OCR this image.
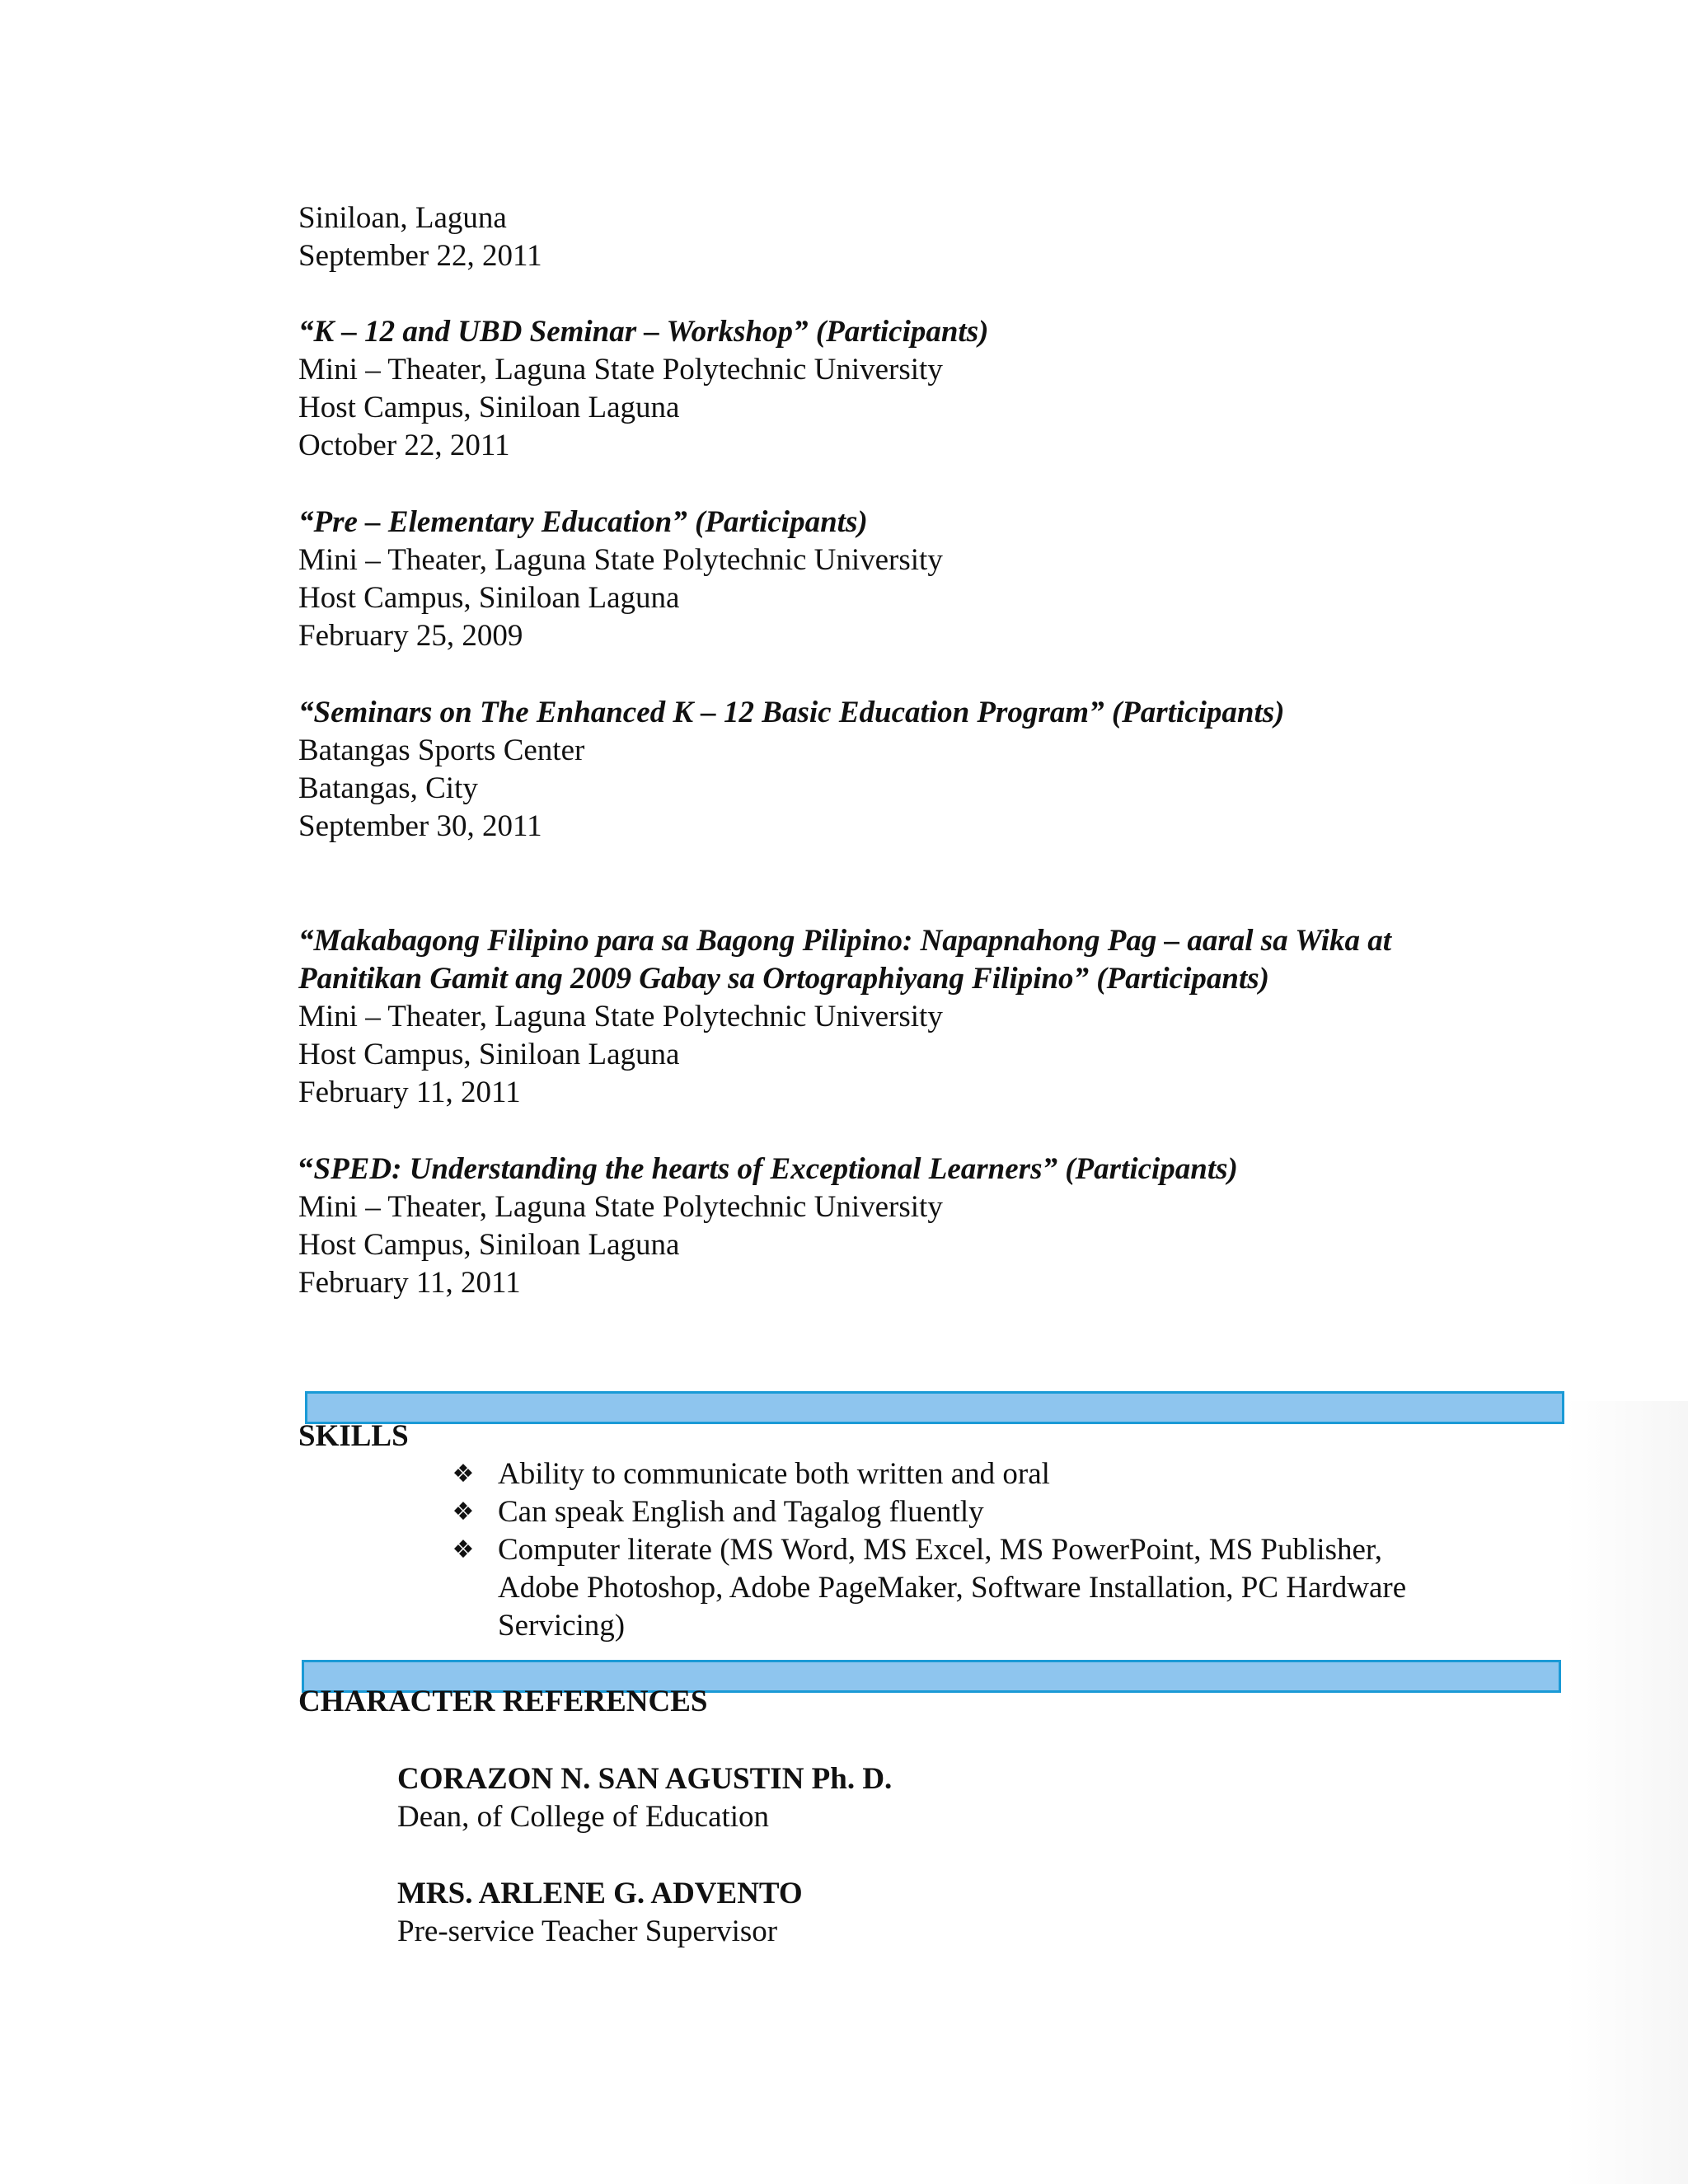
Siniloan, Laguna
September 22, 2011
“K – 12 and UBD Seminar – Workshop” (Participants)
Mini – Theater, Laguna State Polytechnic University
Host Campus, Siniloan Laguna
October 22, 2011
“Pre – Elementary Education” (Participants)
Mini – Theater, Laguna State Polytechnic University
Host Campus, Siniloan Laguna
February 25, 2009
“Seminars on The Enhanced K – 12 Basic Education Program” (Participants)
Batangas Sports Center
Batangas, City
September 30, 2011
“Makabagong Filipino para sa Bagong Pilipino: Napapnahong Pag – aaral sa Wika at
Panitikan Gamit ang 2009 Gabay sa Ortographiyang Filipino” (Participants)
Mini – Theater, Laguna State Polytechnic University
Host Campus, Siniloan Laguna
February 11, 2011
“SPED: Understanding the hearts of Exceptional Learners” (Participants)
Mini – Theater, Laguna State Polytechnic University
Host Campus, Siniloan Laguna
February 11, 2011
SKILLS
❖ Ability to communicate both written and oral
❖ Can speak English and Tagalog fluently
❖ Computer literate (MS Word, MS Excel, MS PowerPoint, MS Publisher,
Adobe Photoshop, Adobe PageMaker, Software Installation, PC Hardware
Servicing)
CHARACTER REFERENCES
CORAZON N. SAN AGUSTIN Ph. D.
Dean, of College of Education
MRS. ARLENE G. ADVENTO
Pre-service Teacher Supervisor
